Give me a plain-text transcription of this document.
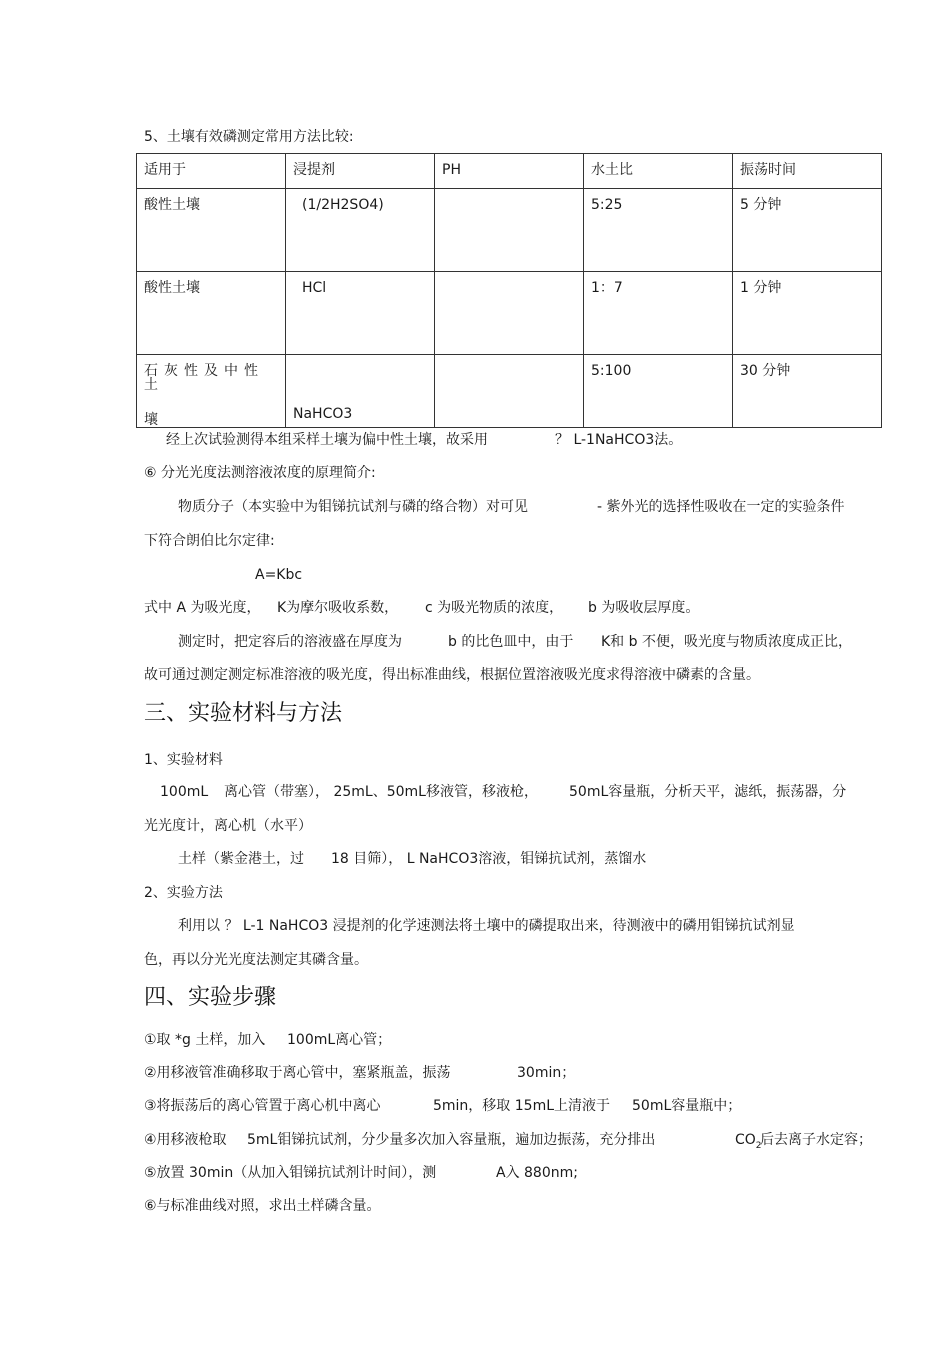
5、土壤有效磷测定常用方法比较:
适用于	浸提剂	PH	水土比	振荡时间
酸性土壤	(1/2H2SO4)		5:25	5 分钟
酸性土壤	HCl		1：7	1 分钟
石灰性及中性土
壤	NaHCO3		5:100	30 分钟
经上次试验测得本组采样土壤为偏中性土壤，故采用	？ L-1NaHCO3法。
⑥ 分光光度法测溶液浓度的原理简介:
物质分子（本实验中为钼锑抗试剂与磷的络合物）对可见	- 紫外光的选择性吸收在一定的实验条件
下符合朗伯比尔定律:
A=Kbc
式中 A 为吸光度， K为摩尔吸收系数， c 为吸光物质的浓度， b 为吸收层厚度。
测定时，把定容后的溶液盛在厚度为	b 的比色皿中，由于 K和 b 不便，吸光度与物质浓度成正比，
故可通过测定测定标准溶液的吸光度，得出标准曲线，根据位置溶液吸光度求得溶液中磷素的含量。
三、实验材料与方法
1、实验材料
100mL 离心管（带塞）， 25mL、50mL移液管，移液枪， 50mL容量瓶，分析天平，滤纸，振荡器，分
光光度计，离心机（水平）
土样（紫金港土，过 18 目筛）， L NaHCO3溶液，钼锑抗试剂，蒸馏水
2、实验方法
利用以 ？ L-1 NaHCO3 浸提剂的化学速测法将土壤中的磷提取出来，待测液中的磷用钼锑抗试剂显
色，再以分光光度法测定其磷含量。
四、实验步骤
①取 *g 土样，加入 100mL离心管；
②用移液管准确移取于离心管中，塞紧瓶盖，振荡	30min；
③将振荡后的离心管置于离心机中离心	5min，移取 15mL上清液于 50mL容量瓶中；
④用移液枪取 5mL钼锑抗试剂，分少量多次加入容量瓶，遍加边振荡，充分排出	$CO_2$
后去离子水定容；
⑤放置 30min（从加入钼锑抗试剂计时间），测	A入 880nm;
⑥与标准曲线对照，求出土样磷含量。
